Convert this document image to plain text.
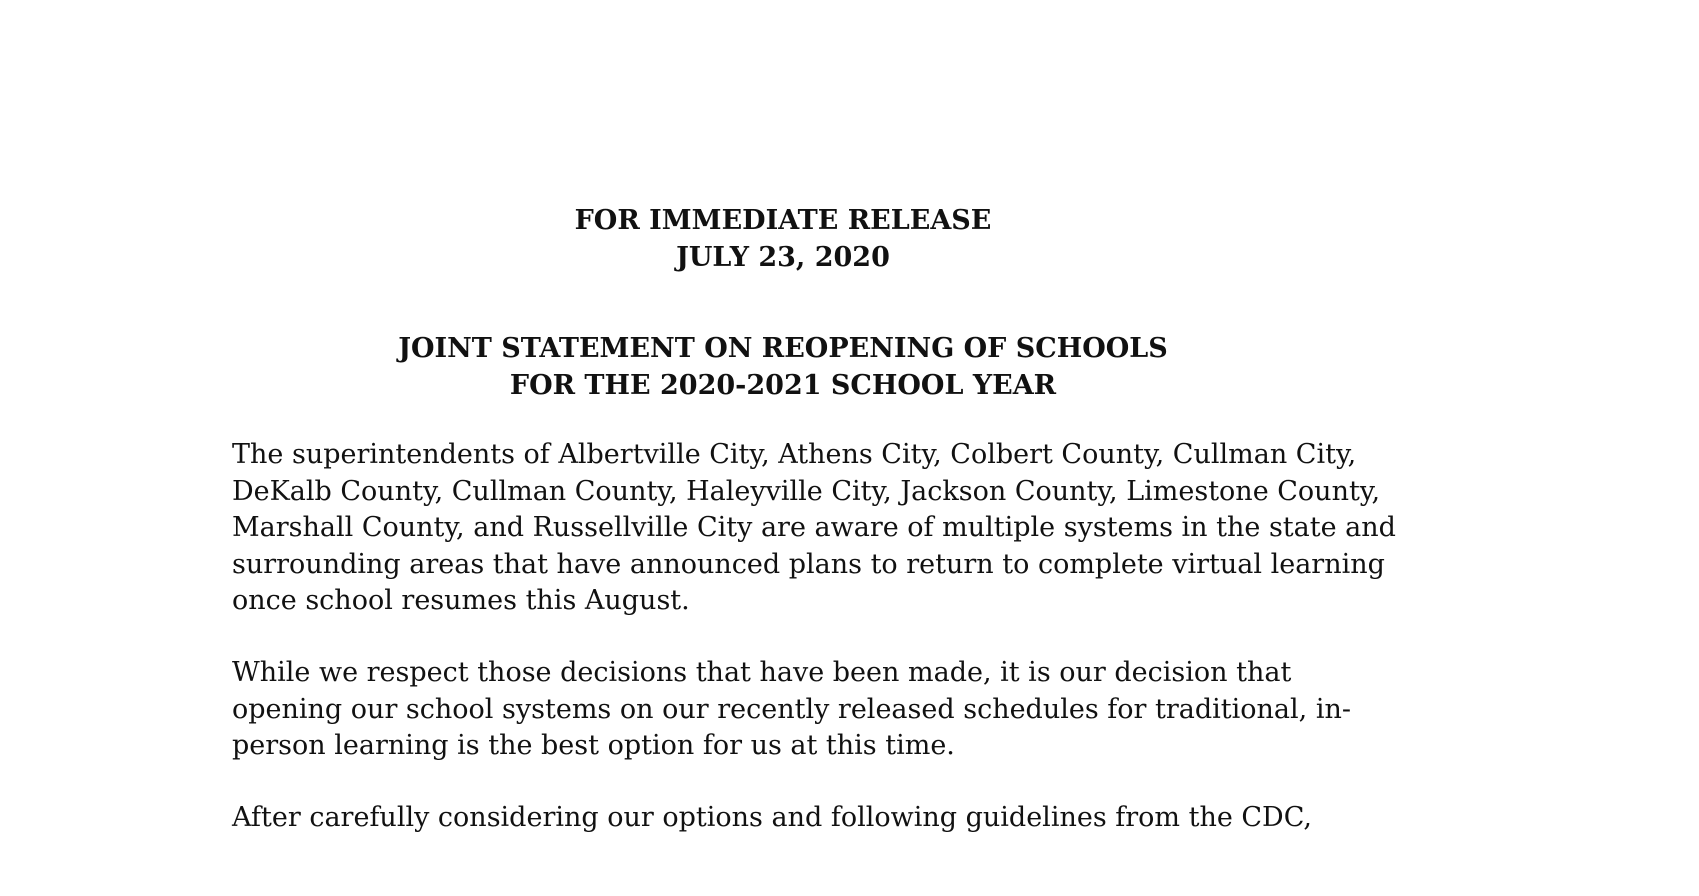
FOR IMMEDIATE RELEASE
JULY 23, 2020
JOINT STATEMENT ON REOPENING OF SCHOOLS
FOR THE 2020-2021 SCHOOL YEAR
The superintendents of Albertville City, Athens City, Colbert County, Cullman City,
DeKalb County, Cullman County, Haleyville City, Jackson County, Limestone County,
Marshall County, and Russellville City are aware of multiple systems in the state and
surrounding areas that have announced plans to return to complete virtual learning
once school resumes this August.
While we respect those decisions that have been made, it is our decision that
opening our school systems on our recently released schedules for traditional, in-
person learning is the best option for us at this time.
After carefully considering our options and following guidelines from the CDC,
